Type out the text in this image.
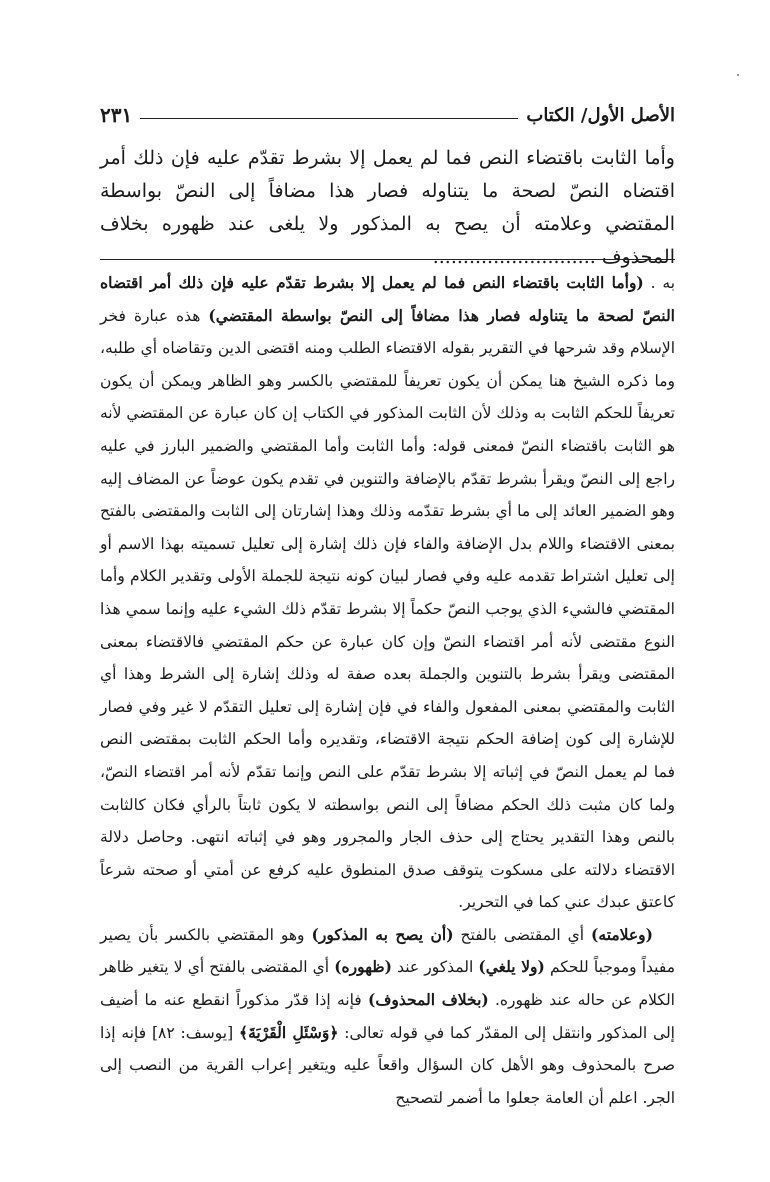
الأصل الأول/ الكتاب
٢٣١
وأما الثابت باقتضاء النص فما لم يعمل إلا بشرط تقدّم عليه فإن ذلك أمر اقتضاه النصّ لصحة ما يتناوله فصار هذا مضافاً إلى النصّ بواسطة المقتضي وعلامته أن يصح به المذكور ولا يلغى عند ظهوره بخلاف المحذوف ...........................

به . (وأما الثابت باقتضاء النص فما لم يعمل إلا بشرط تقدّم عليه فإن ذلك أمر اقتضاه النصّ لصحة ما يتناوله فصار هذا مضافاً إلى النصّ بواسطة المقتضي) هذه عبارة فخر الإسلام وقد شرحها في التقرير بقوله الاقتضاء الطلب ومنه اقتضى الدين وتقاضاه أي طلبه، وما ذكره الشيخ هنا يمكن أن يكون تعريفاً للمقتضي بالكسر وهو الظاهر ويمكن أن يكون تعريفاً للحكم الثابت به وذلك لأن الثابت المذكور في الكتاب إن كان عبارة عن المقتضي لأنه هو الثابت باقتضاء النصّ فمعنى قوله: وأما الثابت وأما المقتضي والضمير البارز في عليه راجع إلى النصّ ويقرأ بشرط تقدّم بالإضافة والتنوين في تقدم يكون عوضاً عن المضاف إليه وهو الضمير العائد إلى ما أي بشرط تقدّمه وذلك وهذا إشارتان إلى الثابت والمقتضى بالفتح بمعنى الاقتضاء واللام بدل الإضافة والفاء فإن ذلك إشارة إلى تعليل تسميته بهذا الاسم أو إلى تعليل اشتراط تقدمه عليه وفي فصار لبيان كونه نتيجة للجملة الأولى وتقدير الكلام وأما المقتضي فالشيء الذي يوجب النصّ حكماً إلا بشرط تقدّم ذلك الشيء عليه وإنما سمي هذا النوع مقتضى لأنه أمر اقتضاء النصّ وإن كان عبارة عن حكم المقتضي فالاقتضاء بمعنى المقتضى ويقرأ بشرط بالتنوين والجملة بعده صفة له وذلك إشارة إلى الشرط وهذا أي الثابت والمقتضي بمعنى المفعول والفاء في فإن إشارة إلى تعليل التقدّم لا غير وفي فصار للإشارة إلى كون إضافة الحكم نتيجة الاقتضاء، وتقديره وأما الحكم الثابت بمقتضى النص فما لم يعمل النصّ في إثباته إلا بشرط تقدّم على النص وإنما تقدّم لأنه أمر اقتضاء النصّ، ولما كان مثبت ذلك الحكم مضافاً إلى النص بواسطته لا يكون ثابتاً بالرأي فكان كالثابت بالنص وهذا التقدير يحتاج إلى حذف الجار والمجرور وهو في إثباته انتهى. وحاصل دلالة الاقتضاء دلالته على مسكوت يتوقف صدق المنطوق عليه كرفع عن أمتي أو صحته شرعاً كاعتق عبدك عني كما في التحرير.

(وعلامته) أي المقتضى بالفتح (أن يصح به المذكور) وهو المقتضي بالكسر بأن يصير مفيداً وموجباً للحكم (ولا يلغي) المذكور عند (ظهوره) أي المقتضى بالفتح أي لا يتغير ظاهر الكلام عن حاله عند ظهوره. (بخلاف المحذوف) فإنه إذا قدّر مذكوراً انقطع عنه ما أضيف إلى المذكور وانتقل إلى المقدّر كما في قوله تعالى: ﴿وَسْئَلِ الْقَرْيَةَ﴾ [يوسف: ٨٢] فإنه إذا صرح بالمحذوف وهو الأهل كان السؤال واقعاً عليه ويتغير إعراب القرية من النصب إلى الجر. اعلم أن العامة جعلوا ما أضمر لتصحيح
